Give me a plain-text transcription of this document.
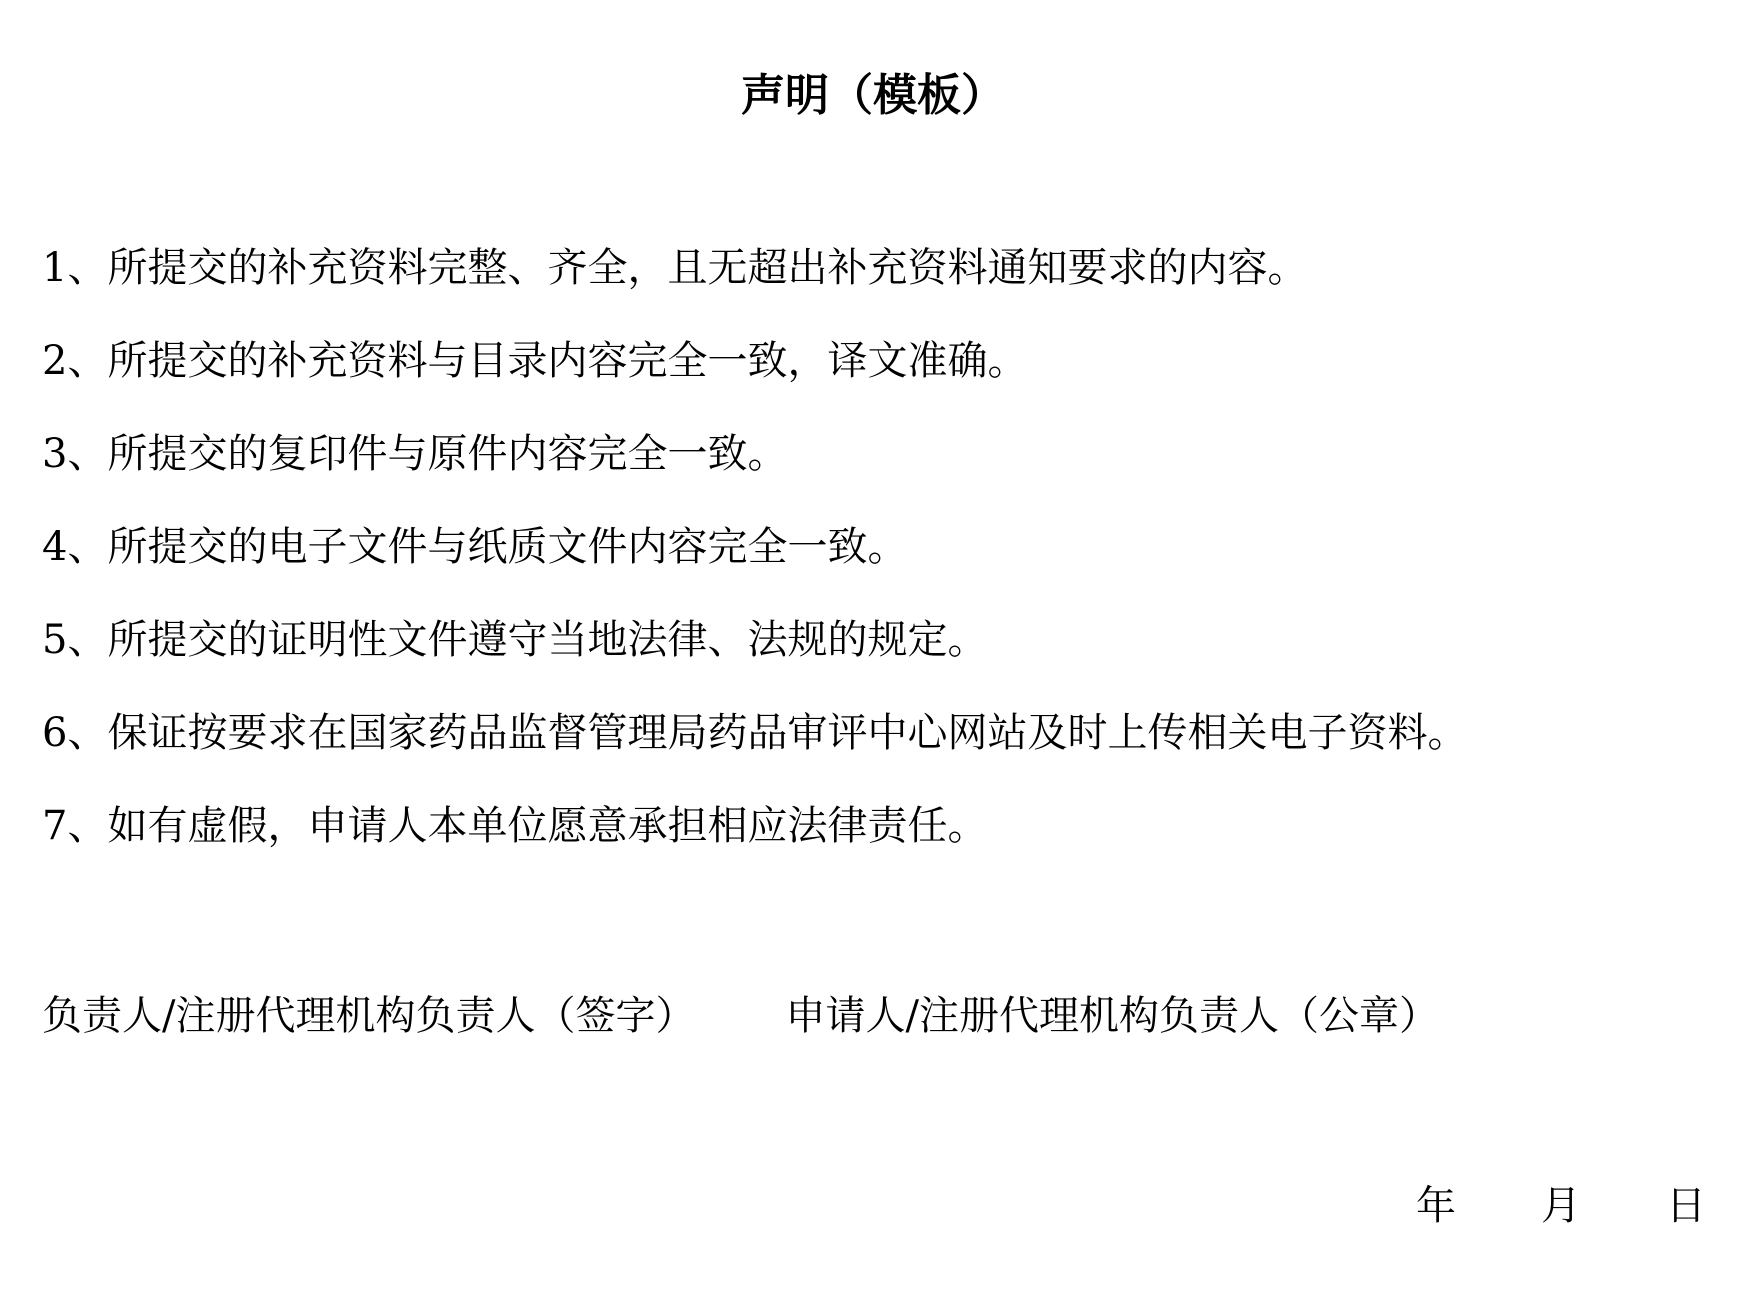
声明（模板）
1、所提交的补充资料完整、齐全，且无超出补充资料通知要求的内容。
2、所提交的补充资料与目录内容完全一致，译文准确。
3、所提交的复印件与原件内容完全一致。
4、所提交的电子文件与纸质文件内容完全一致。
5、所提交的证明性文件遵守当地法律、法规的规定。
6、保证按要求在国家药品监督管理局药品审评中心网站及时上传相关电子资料。
7、如有虚假，申请人本单位愿意承担相应法律责任。
负责人/注册代理机构负责人（签字） 申请人/注册代理机构负责人（公章）
年 月 日
